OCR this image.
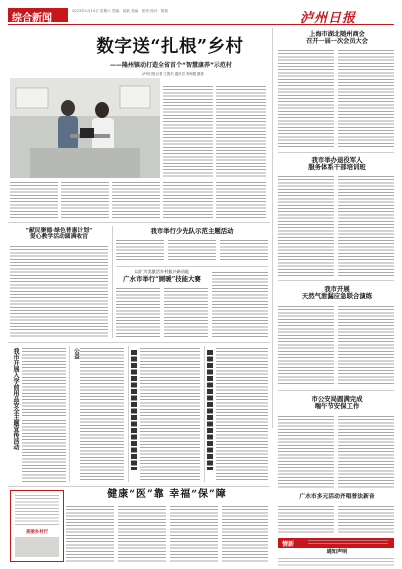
综合新闻
2023年1月14日 星期六 责编：周新 美编：张彤 校对：陈茜	泸州日报
数字送“扎根”乡村
——隆州镇动打造全省首个“智慧康养”示范村
泸州日报记者 王胜杰 通讯员 李海霞 摄影
上海市湖北随州商会
召开一届一次会员大会
我市举办退役军人
服务体系干部培训班
我市开展
天然气泄漏应急联合演练
市公安局圆满完成
端午节安保工作
“献民聚德·绿色普惠计划”
爱心教学活动圆满收官
我市举行少先队示范主题活动
以扩为美激活乡村振兴新动能
广水市举行“厕暖”技能大赛
我市开展入学前用品安全主题宣传活动	公益
美丽乡村行
健康“医”靠 幸福“保”障	广水市多元活动齐唱普法新音
情新
通知声明
